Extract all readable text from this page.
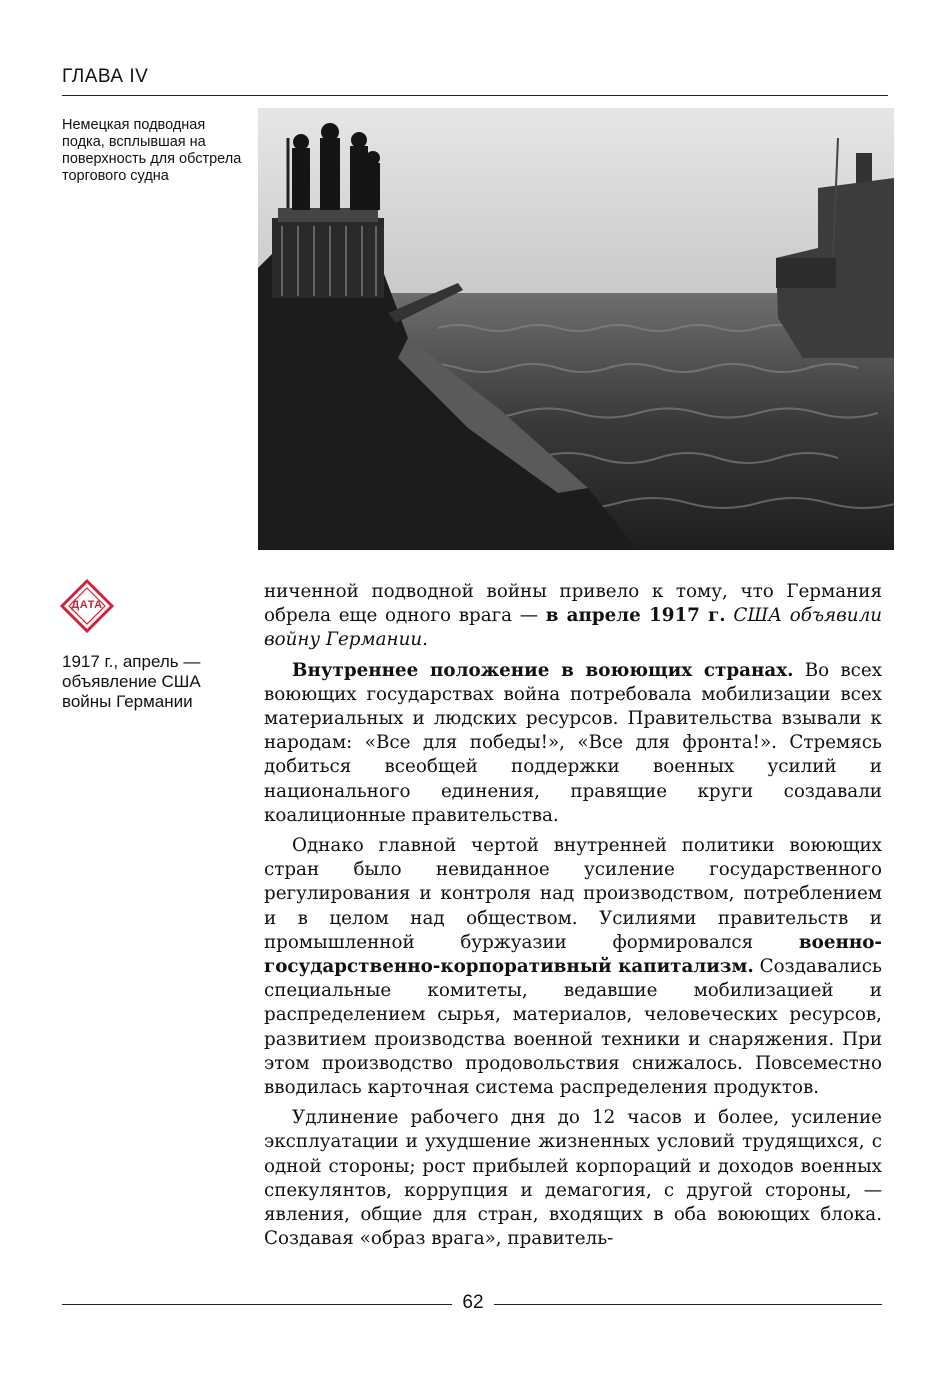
ГЛАВА IV
Немецкая подводная подка, всплывшая на поверхность для обстрела торгового судна
ДАТА
1917 г., апрель — объявление США войны Германии

ниченной подводной войны привело к тому, что Германия обрела еще одного врага — в апреле 1917 г. США объявили войну Германии.

Внутреннее положение в воюющих странах. Во всех воюющих государствах война потребовала мобилизации всех материальных и людских ресурсов. Правительства взывали к народам: «Все для победы!», «Все для фронта!». Стремясь добиться всеобщей поддержки военных усилий и национального единения, правящие круги создавали коалиционные правительства.

Однако главной чертой внутренней политики воюющих стран было невиданное усиление государственного регулирования и контроля над производством, потреблением и в целом над обществом. Усилиями правительств и промышленной буржуазии формировался военно-государственно-корпоративный капитализм. Создавались специальные комитеты, ведавшие мобилизацией и распределением сырья, материалов, человеческих ресурсов, развитием производства военной техники и снаряжения. При этом производство продовольствия снижалось. Повсеместно вводилась карточная система распределения продуктов.

Удлинение рабочего дня до 12 часов и более, усиление эксплуатации и ухудшение жизненных условий трудящихся, с одной стороны; рост прибылей корпораций и доходов военных спекулянтов, коррупция и демагогия, с другой стороны, — явления, общие для стран, входящих в оба воюющих блока. Создавая «образ врага», правитель-

62
